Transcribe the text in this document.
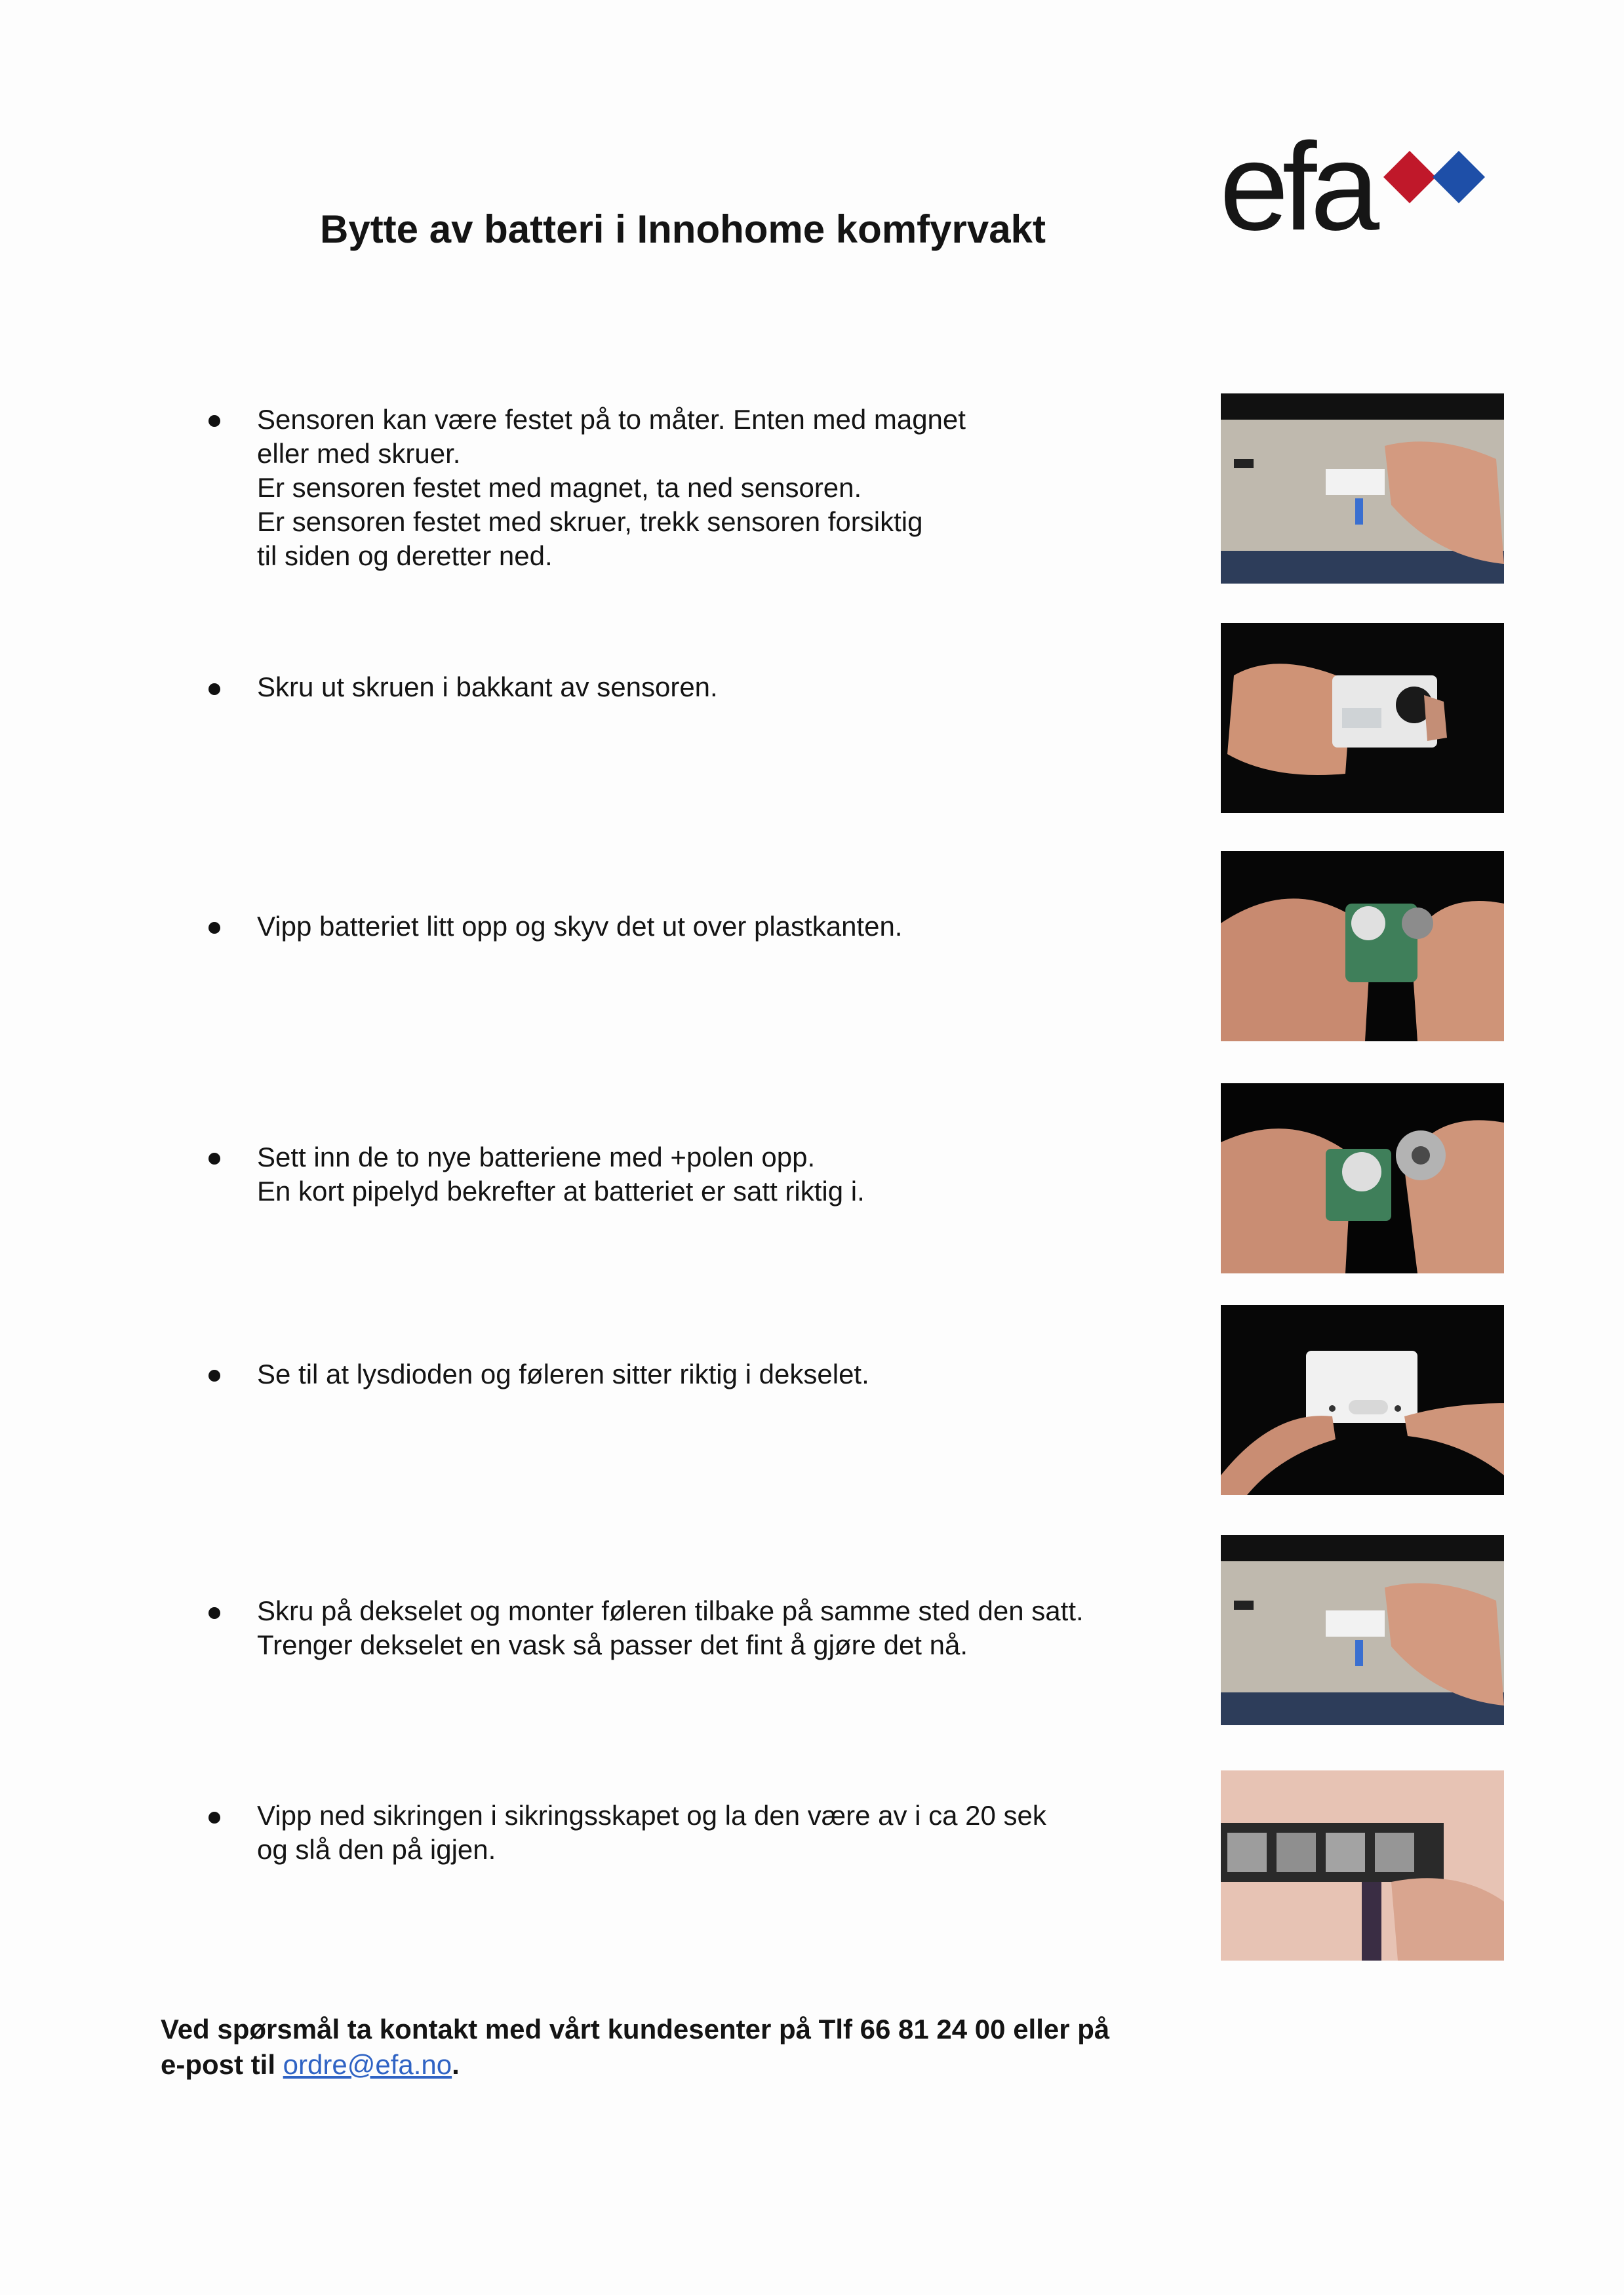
Bytte av batteri i Innohome komfyrvakt efa
Sensoren kan være festet på to måter. Enten med magnet
eller med skruer.
Er sensoren festet med magnet, ta ned sensoren.
Er sensoren festet med skruer, trekk sensoren forsiktig
til siden og deretter ned.
Skru ut skruen i bakkant av sensoren.
Vipp batteriet litt opp og skyv det ut over plastkanten.
Sett inn de to nye batteriene med +polen opp.
En kort pipelyd bekrefter at batteriet er satt riktig i.
Se til at lysdioden og føleren sitter riktig i dekselet.
Skru på dekselet og monter føleren tilbake på samme sted den satt.
Trenger dekselet en vask så passer det fint å gjøre det nå.
Vipp ned sikringen i sikringsskapet og la den være av i ca 20 sek
og slå den på igjen.
Ved spørsmål ta kontakt med vårt kundesenter på Tlf 66 81 24 00 eller på
e-post til ordre@efa.no.
